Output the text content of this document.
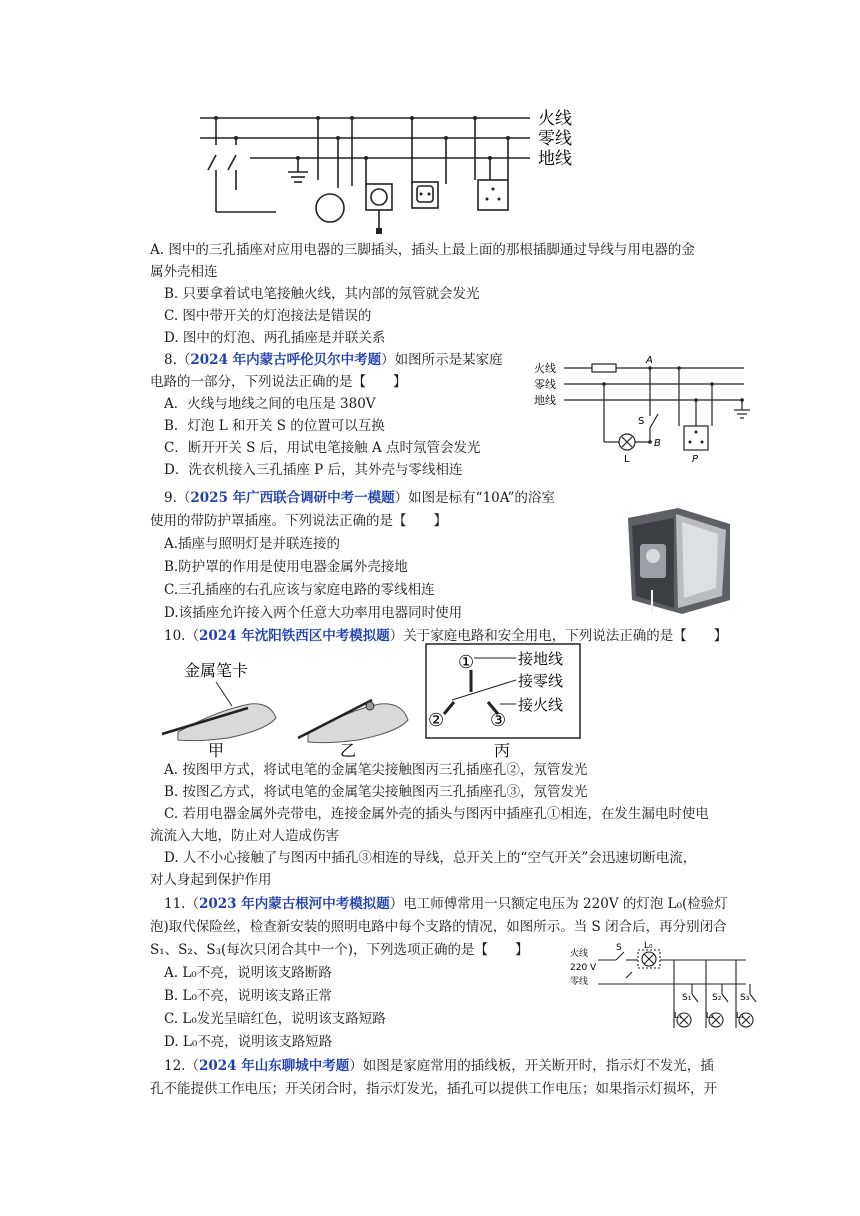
火线
零线
地线
A. 图中的三孔插座对应用电器的三脚插头，插头上最上面的那根插脚通过导线与用电器的金
属外壳相连
B. 只要拿着试电笔接触火线，其内部的氖管就会发光
C. 图中带开关的灯泡接法是错误的
D. 图中的灯泡、两孔插座是并联关系
8.（2024 年内蒙古呼伦贝尔中考题）如图所示是某家庭
电路的一部分，下列说法正确的是【　　】
A．火线与地线之间的电压是 380V
B．灯泡 L 和开关 S 的位置可以互换
C．断开开关 S 后，用试电笔接触 A 点时氖管会发光
D．洗衣机接入三孔插座 P 后，其外壳与零线相连
火线
零线
地线
A
S
B
L	P
9.（2025 年广西联合调研中考一模题）如图是标有“10A”的浴室
使用的带防护罩插座。下列说法正确的是【　　】
A.插座与照明灯是并联连接的
B.防护罩的作用是使用电器金属外壳接地
C.三孔插座的右孔应该与家庭电路的零线相连
D.该插座允许接入两个任意大功率用电器同时使用
10.（2024 年沈阳铁西区中考模拟题）关于家庭电路和安全用电，下列说法正确的是【　　】
金属笔卡
甲	乙
①
②	③
接地线
接零线
接火线
丙
A. 按图甲方式，将试电笔的金属笔尖接触图丙三孔插座孔②，氖管发光
B. 按图乙方式，将试电笔的金属笔尖接触图丙三孔插座孔③，氖管发光
C. 若用电器金属外壳带电，连接金属外壳的插头与图丙中插座孔①相连，在发生漏电时使电
流流入大地，防止对人造成伤害
D. 人不小心接触了与图丙中插孔③相连的导线，总开关上的“空气开关”会迅速切断电流，
对人身起到保护作用
11.（2023 年内蒙古根河中考模拟题）电工师傅常用一只额定电压为 220V 的灯泡 L₀(检验灯
泡)取代保险丝，检查新安装的照明电路中每个支路的情况，如图所示。当 S 闭合后，再分别闭合
S₁、S₂、S₃(每次只闭合其中一个)，下列选项正确的是【　　】
A. L₀不亮，说明该支路断路
B. L₀不亮，说明该支路正常
C. L₀发光呈暗红色，说明该支路短路
D. L₀不亮，说明该支路短路
火线
220 V
零线
S L₀
S₁ S₂ S₃
L₁	L₂	L₃
12.（2024 年山东聊城中考题）如图是家庭常用的插线板，开关断开时，指示灯不发光，插
孔不能提供工作电压；开关闭合时，指示灯发光，插孔可以提供工作电压；如果指示灯损坏，开
